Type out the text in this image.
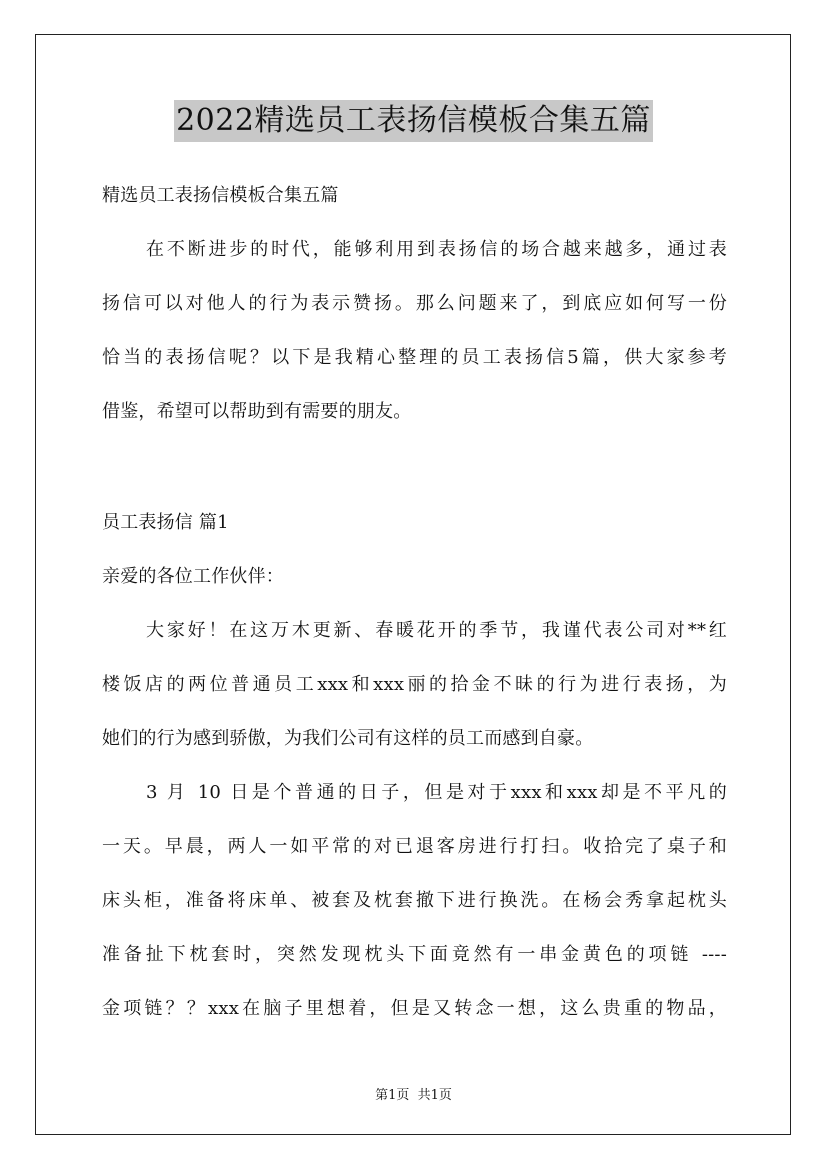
2022精选员工表扬信模板合集五篇
精选员工表扬信模板合集五篇
在不断进步的时代，能够利用到表扬信的场合越来越多，通过表
扬信可以对他人的行为表示赞扬。那么问题来了，到底应如何写一份
恰当的表扬信呢？以下是我精心整理的员工表扬信5篇，供大家参考
借鉴，希望可以帮助到有需要的朋友。
员工表扬信 篇1
亲爱的各位工作伙伴：
大家好！在这万木更新、春暖花开的季节，我谨代表公司对**红
楼饭店的两位普通员工xxx和xxx丽的拾金不昧的行为进行表扬，为
她们的行为感到骄傲，为我们公司有这样的员工而感到自豪。
3 月 10 日是个普通的日子，但是对于xxx和xxx却是不平凡的
一天。早晨，两人一如平常的对已退客房进行打扫。收拾完了桌子和
床头柜，准备将床单、被套及枕套撤下进行换洗。在杨会秀拿起枕头
准备扯下枕套时，突然发现枕头下面竟然有一串金黄色的项链 ----
金项链？？xxx在脑子里想着，但是又转念一想，这么贵重的物品，
第1页 共1页
